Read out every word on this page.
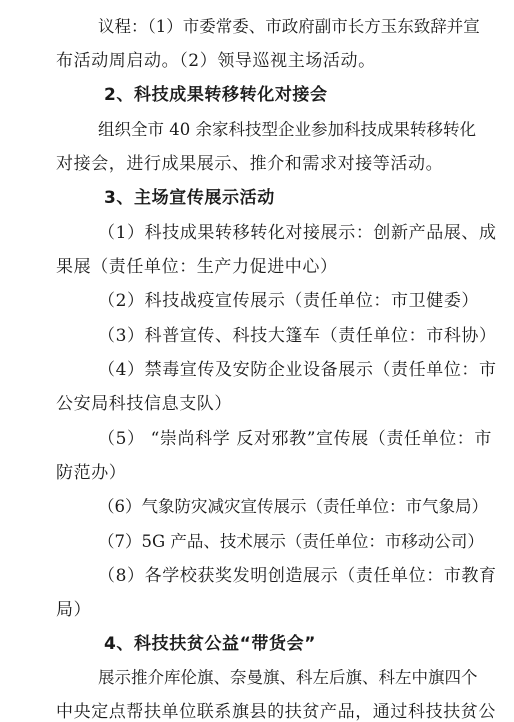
议程：（1）市委常委、市政府副市长方玉东致辞并宣
布活动周启动。（2）领导巡视主场活动。
2、科技成果转移转化对接会
组织全市 40 余家科技型企业参加科技成果转移转化
对接会，进行成果展示、推介和需求对接等活动。
3、主场宣传展示活动
（1）科技成果转移转化对接展示：创新产品展、成
果展（责任单位：生产力促进中心）
（2）科技战疫宣传展示（责任单位：市卫健委）
（3）科普宣传、科技大篷车（责任单位：市科协）
（4）禁毒宣传及安防企业设备展示（责任单位：市
公安局科技信息支队）
（5） “崇尚科学 反对邪教”宣传展（责任单位：市
防范办）
（6）气象防灾减灾宣传展示（责任单位：市气象局）
（7）5G 产品、技术展示（责任单位：市移动公司）
（8）各学校获奖发明创造展示（责任单位：市教育
局）
4、科技扶贫公益“带货会”
展示推介库伦旗、奈曼旗、科左后旗、科左中旗四个
中央定点帮扶单位联系旗县的扶贫产品，通过科技扶贫公
